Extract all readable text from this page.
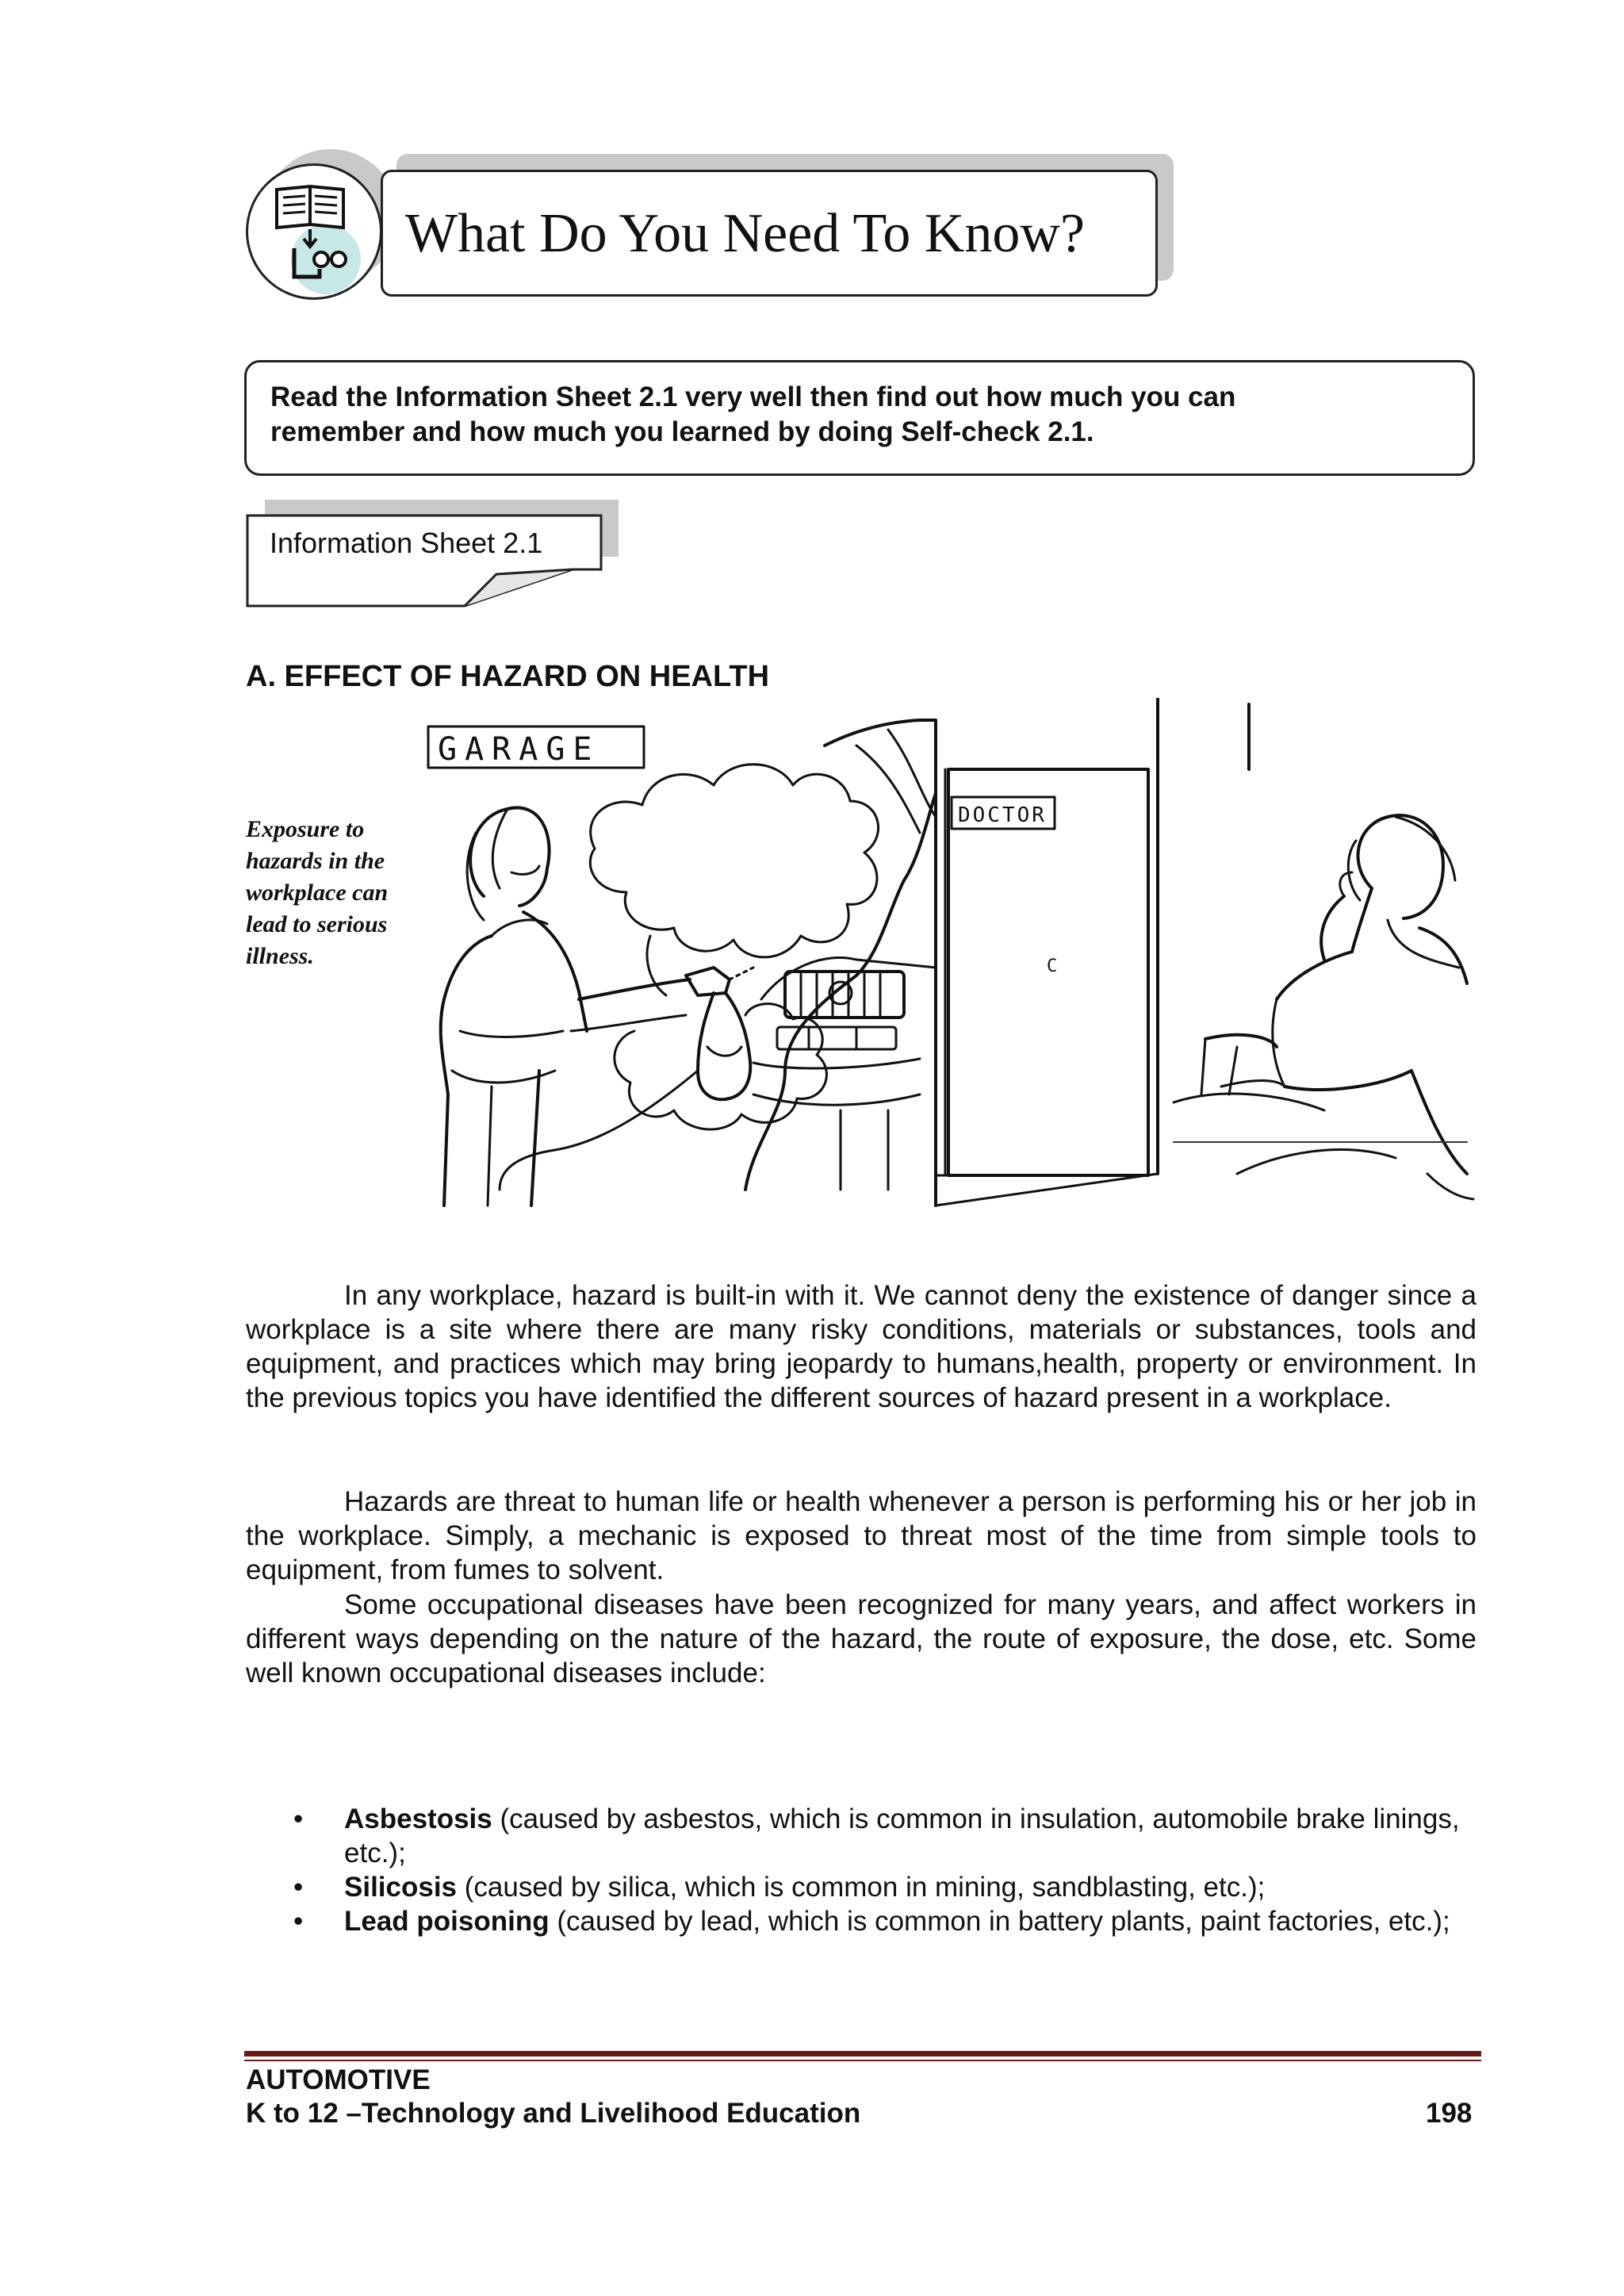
What Do You Need To Know?
Read the Information Sheet 2.1 very well then find out how much you can
remember and how much you learned by doing Self-check 2.1.
Information Sheet 2.1
A. EFFECT OF HAZARD ON HEALTH
Exposure to hazards in the workplace can lead to serious illness.
GARAGE
DOCTOR
C
In any workplace, hazard is built-in with it. We cannot deny the existence of danger since a workplace is a site where there are many risky conditions, materials or substances, tools and equipment, and practices which may bring jeopardy to humans,health, property or environment. In the previous topics you have identified the different sources of hazard present in a workplace.
Hazards are threat to human life or health whenever a person is performing his or her job in the workplace. Simply, a mechanic is exposed to threat most of the time from simple tools to equipment, from fumes to solvent.
Some occupational diseases have been recognized for many years, and affect workers in different ways depending on the nature of the hazard, the route of exposure, the dose, etc. Some well known occupational diseases include:
• Asbestosis (caused by asbestos, which is common in insulation, automobile brake linings, etc.);
• Silicosis (caused by silica, which is common in mining, sandblasting, etc.);
• Lead poisoning (caused by lead, which is common in battery plants, paint factories, etc.);
AUTOMOTIVE
K to 12 –Technology and Livelihood Education	198
